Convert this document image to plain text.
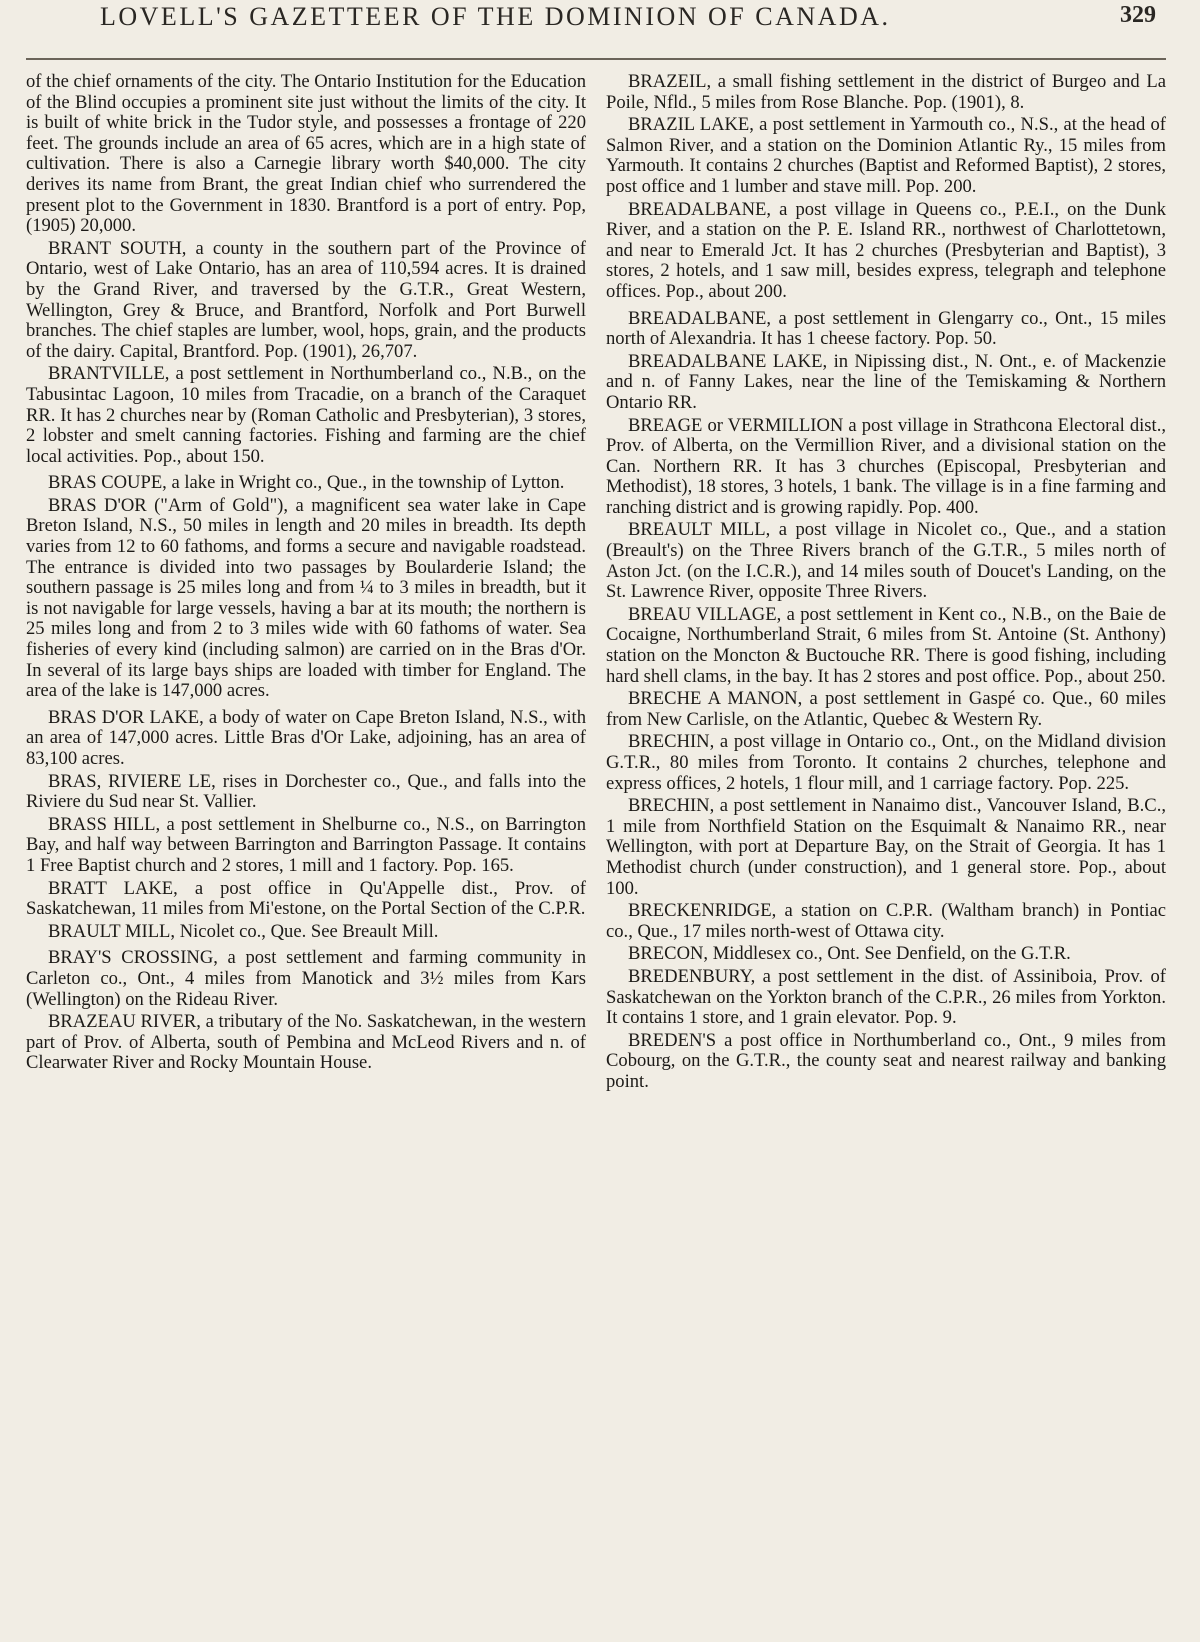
LOVELL'S GAZETTEER OF THE DOMINION OF CANADA.	329

of the chief ornaments of the city. The Ontario Institution for the Education of the Blind occupies a prominent site just without the limits of the city. It is built of white brick in the Tudor style, and possesses a frontage of 220 feet. The grounds include an area of 65 acres, which are in a high state of cultivation. There is also a Carnegie library worth $40,000. The city derives its name from Brant, the great Indian chief who surrendered the present plot to the Government in 1830. Brantford is a port of entry. Pop, (1905) 20,000.

BRANT SOUTH, a county in the southern part of the Province of Ontario, west of Lake Ontario, has an area of 110,594 acres. It is drained by the Grand River, and traversed by the G.T.R., Great Western, Wellington, Grey & Bruce, and Brantford, Norfolk and Port Burwell branches. The chief staples are lumber, wool, hops, grain, and the products of the dairy. Capital, Brantford. Pop. (1901), 26,707.

BRANTVILLE, a post settlement in Northumberland co., N.B., on the Tabusintac Lagoon, 10 miles from Tracadie, on a branch of the Caraquet RR. It has 2 churches near by (Roman Catholic and Presbyterian), 3 stores, 2 lobster and smelt canning factories. Fishing and farming are the chief local activities. Pop., about 150.

BRAS COUPE, a lake in Wright co., Que., in the township of Lytton.

BRAS D'OR ("Arm of Gold"), a magnificent sea water lake in Cape Breton Island, N.S., 50 miles in length and 20 miles in breadth. Its depth varies from 12 to 60 fathoms, and forms a secure and navigable roadstead. The entrance is divided into two passages by Boularderie Island; the southern passage is 25 miles long and from ¼ to 3 miles in breadth, but it is not navigable for large vessels, having a bar at its mouth; the northern is 25 miles long and from 2 to 3 miles wide with 60 fathoms of water. Sea fisheries of every kind (including salmon) are carried on in the Bras d'Or. In several of its large bays ships are loaded with timber for England. The area of the lake is 147,000 acres.

BRAS D'OR LAKE, a body of water on Cape Breton Island, N.S., with an area of 147,000 acres. Little Bras d'Or Lake, adjoining, has an area of 83,100 acres.

BRAS, RIVIERE LE, rises in Dorchester co., Que., and falls into the Riviere du Sud near St. Vallier.

BRASS HILL, a post settlement in Shelburne co., N.S., on Barrington Bay, and half way between Barrington and Barrington Passage. It contains 1 Free Baptist church and 2 stores, 1 mill and 1 factory. Pop. 165.

BRATT LAKE, a post office in Qu'Appelle dist., Prov. of Saskatchewan, 11 miles from Mi'estone, on the Portal Section of the C.P.R.

BRAULT MILL, Nicolet co., Que. See Breault Mill.

BRAY'S CROSSING, a post settlement and farming community in Carleton co., Ont., 4 miles from Manotick and 3½ miles from Kars (Wellington) on the Rideau River.

BRAZEAU RIVER, a tributary of the No. Saskatchewan, in the western part of Prov. of Alberta, south of Pembina and McLeod Rivers and n. of Clearwater River and Rocky Mountain House.

BRAZEIL, a small fishing settlement in the district of Burgeo and La Poile, Nfld., 5 miles from Rose Blanche. Pop. (1901), 8.

BRAZIL LAKE, a post settlement in Yarmouth co., N.S., at the head of Salmon River, and a station on the Dominion Atlantic Ry., 15 miles from Yarmouth. It contains 2 churches (Baptist and Reformed Baptist), 2 stores, post office and 1 lumber and stave mill. Pop. 200.

BREADALBANE, a post village in Queens co., P.E.I., on the Dunk River, and a station on the P. E. Island RR., northwest of Charlottetown, and near to Emerald Jct. It has 2 churches (Presbyterian and Baptist), 3 stores, 2 hotels, and 1 saw mill, besides express, telegraph and telephone offices. Pop., about 200.

BREADALBANE, a post settlement in Glengarry co., Ont., 15 miles north of Alexandria. It has 1 cheese factory. Pop. 50.

BREADALBANE LAKE, in Nipissing dist., N. Ont., e. of Mackenzie and n. of Fanny Lakes, near the line of the Temiskaming & Northern Ontario RR.

BREAGE or VERMILLION a post village in Strathcona Electoral dist., Prov. of Alberta, on the Vermillion River, and a divisional station on the Can. Northern RR. It has 3 churches (Episcopal, Presbyterian and Methodist), 18 stores, 3 hotels, 1 bank. The village is in a fine farming and ranching district and is growing rapidly. Pop. 400.

BREAULT MILL, a post village in Nicolet co., Que., and a station (Breault's) on the Three Rivers branch of the G.T.R., 5 miles north of Aston Jct. (on the I.C.R.), and 14 miles south of Doucet's Landing, on the St. Lawrence River, opposite Three Rivers.

BREAU VILLAGE, a post settlement in Kent co., N.B., on the Baie de Cocaigne, Northumberland Strait, 6 miles from St. Antoine (St. Anthony) station on the Moncton & Buctouche RR. There is good fishing, including hard shell clams, in the bay. It has 2 stores and post office. Pop., about 250.

BRECHE A MANON, a post settlement in Gaspé co. Que., 60 miles from New Carlisle, on the Atlantic, Quebec & Western Ry.

BRECHIN, a post village in Ontario co., Ont., on the Midland division G.T.R., 80 miles from Toronto. It contains 2 churches, telephone and express offices, 2 hotels, 1 flour mill, and 1 carriage factory. Pop. 225.

BRECHIN, a post settlement in Nanaimo dist., Vancouver Island, B.C., 1 mile from Northfield Station on the Esquimalt & Nanaimo RR., near Wellington, with port at Departure Bay, on the Strait of Georgia. It has 1 Methodist church (under construction), and 1 general store. Pop., about 100.

BRECKENRIDGE, a station on C.P.R. (Waltham branch) in Pontiac co., Que., 17 miles north-west of Ottawa city.

BRECON, Middlesex co., Ont. See Denfield, on the G.T.R.

BREDENBURY, a post settlement in the dist. of Assiniboia, Prov. of Saskatchewan on the Yorkton branch of the C.P.R., 26 miles from Yorkton. It contains 1 store, and 1 grain elevator. Pop. 9.

BREDEN'S a post office in Northumberland co., Ont., 9 miles from Cobourg, on the G.T.R., the county seat and nearest railway and banking point.
